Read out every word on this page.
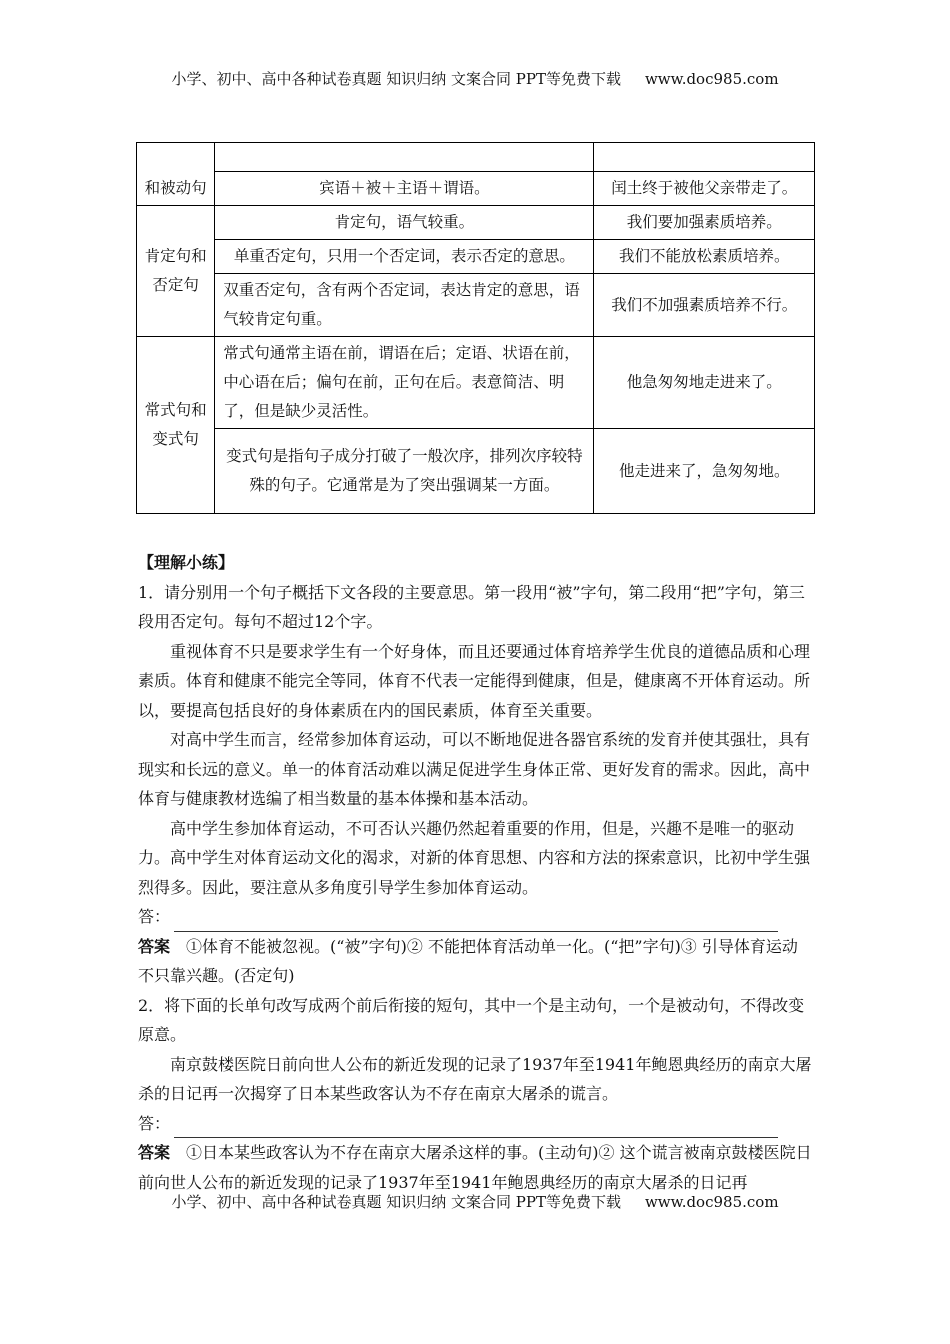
小学、初中、高中各种试卷真题 知识归纳 文案合同 PPT等免费下载 www.doc985.com
和被动句		
	宾语＋被＋主语＋谓语。	闰土终于被他父亲带走了。
肯定句和否定句	肯定句，语气较重。	我们要加强素质培养。
	单重否定句，只用一个否定词，表示否定的意思。	我们不能放松素质培养。
	双重否定句，含有两个否定词，表达肯定的意思，语气较肯定句重。	我们不加强素质培养不行。
常式句和变式句	常式句通常主语在前，谓语在后；定语、状语在前，中心语在后；偏句在前，正句在后。表意简洁、明了，但是缺少灵活性。	他急匆匆地走进来了。
	变式句是指句子成分打破了一般次序，排列次序较特殊的句子。它通常是为了突出强调某一方面。	他走进来了，急匆匆地。

【理解小练】

1．请分别用一个句子概括下文各段的主要意思。第一段用“被”字句，第二段用“把”字句，第三段用否定句。每句不超过12个字。

重视体育不只是要求学生有一个好身体，而且还要通过体育培养学生优良的道德品质和心理素质。体育和健康不能完全等同，体育不代表一定能得到健康，但是，健康离不开体育运动。所以，要提高包括良好的身体素质在内的国民素质，体育至关重要。

对高中学生而言，经常参加体育运动，可以不断地促进各器官系统的发育并使其强壮，具有现实和长远的意义。单一的体育活动难以满足促进学生身体正常、更好发育的需求。因此，高中体育与健康教材选编了相当数量的基本体操和基本活动。

高中学生参加体育运动，不可否认兴趣仍然起着重要的作用，但是，兴趣不是唯一的驱动力。高中学生对体育运动文化的渴求，对新的体育思想、内容和方法的探索意识，比初中学生强烈得多。因此，要注意从多角度引导学生参加体育运动。

答：

答案　 ①体育不能被忽视。(“被”字句)② 不能把体育活动单一化。(“把”字句)③ 引导体育运动不只靠兴趣。(否定句)

2．将下面的长单句改写成两个前后衔接的短句，其中一个是主动句，一个是被动句，不得改变原意。

南京鼓楼医院日前向世人公布的新近发现的记录了1937年至1941年鲍恩典经历的南京大屠杀的日记再一次揭穿了日本某些政客认为不存在南京大屠杀的谎言。

答：

答案　 ①日本某些政客认为不存在南京大屠杀这样的事。(主动句)② 这个谎言被南京鼓楼医院日前向世人公布的新近发现的记录了1937年至1941年鲍恩典经历的南京大屠杀的日记再

小学、初中、高中各种试卷真题 知识归纳 文案合同 PPT等免费下载 www.doc985.com
